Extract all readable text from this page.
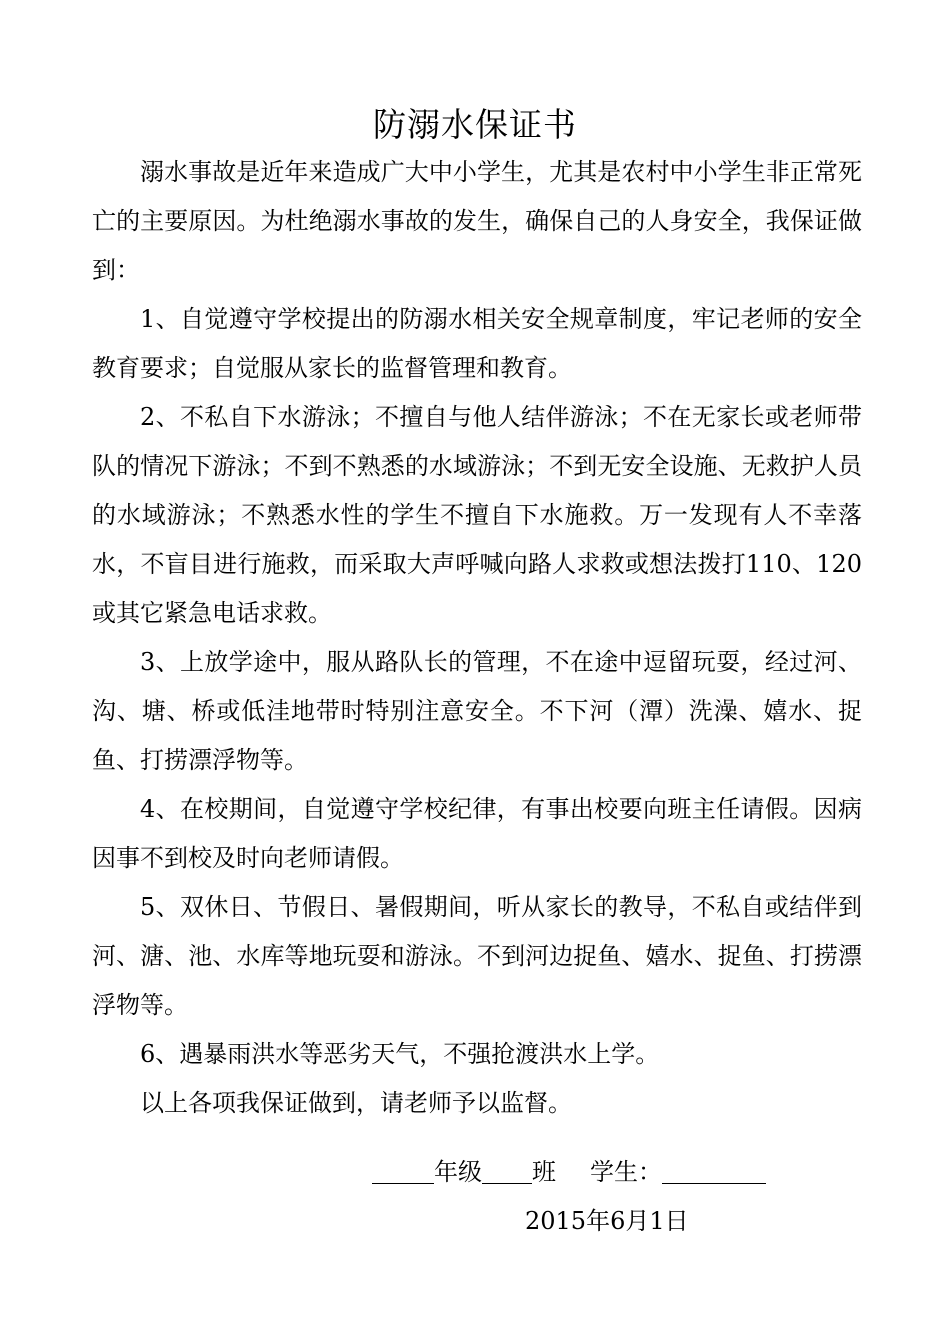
防溺水保证书

溺水事故是近年来造成广大中小学生，尤其是农村中小学生非正常死亡的主要原因。为杜绝溺水事故的发生，确保自己的人身安全，我保证做到：

1、自觉遵守学校提出的防溺水相关安全规章制度，牢记老师的安全教育要求；自觉服从家长的监督管理和教育。

2、不私自下水游泳；不擅自与他人结伴游泳；不在无家长或老师带队的情况下游泳；不到不熟悉的水域游泳；不到无安全设施、无救护人员的水域游泳；不熟悉水性的学生不擅自下水施救。万一发现有人不幸落水，不盲目进行施救，而采取大声呼喊向路人求救或想法拨打110、120或其它紧急电话求救。

3、上放学途中，服从路队长的管理，不在途中逗留玩耍，经过河、沟、塘、桥或低洼地带时特别注意安全。不下河（潭）洗澡、嬉水、捉鱼、打捞漂浮物等。

4、在校期间，自觉遵守学校纪律，有事出校要向班主任请假。因病因事不到校及时向老师请假。

5、双休日、节假日、暑假期间，听从家长的教导，不私自或结伴到河、溏、池、水库等地玩耍和游泳。不到河边捉鱼、嬉水、捉鱼、打捞漂浮物等。

6、遇暴雨洪水等恶劣天气，不强抢渡洪水上学。

以上各项我保证做到，请老师予以监督。

年级 班 学生：
2015年6月1日
